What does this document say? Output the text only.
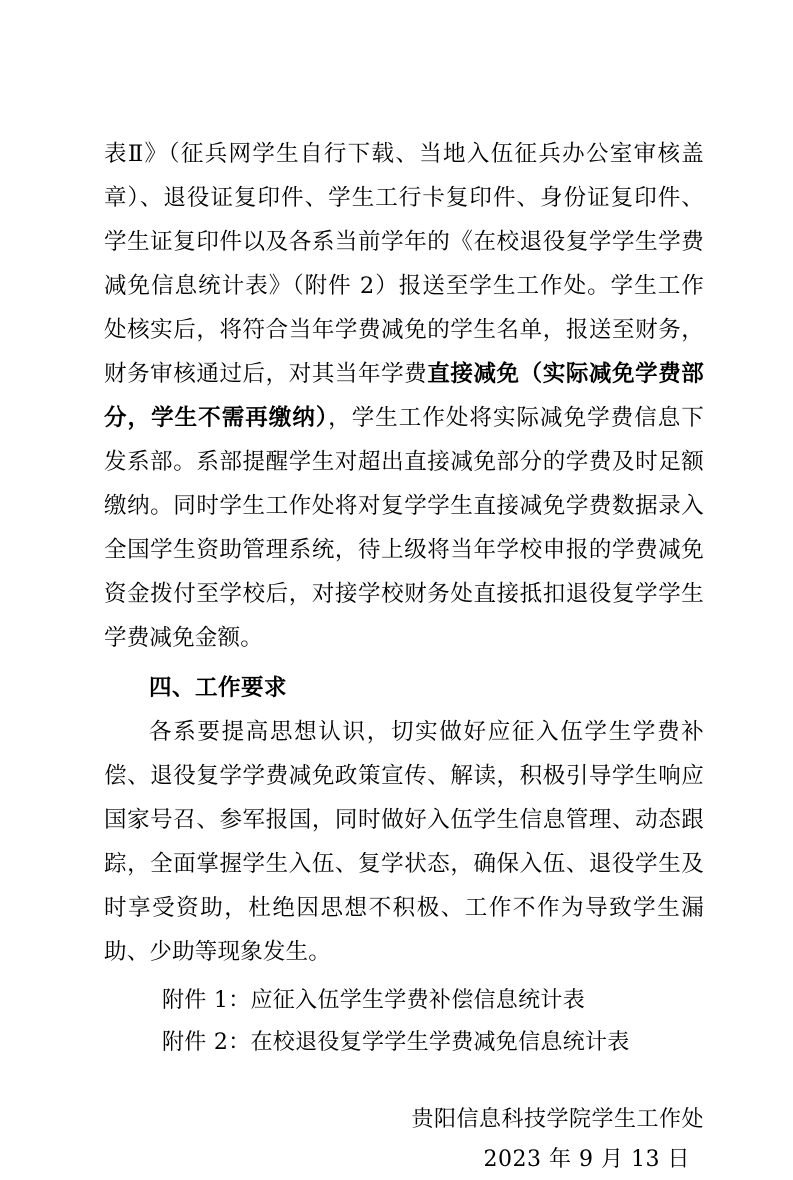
表Ⅱ》（征兵网学生自行下载、当地入伍征兵办公室审核盖章）、退役证复印件、学生工行卡复印件、身份证复印件、学生证复印件以及各系当前学年的《在校退役复学学生学费减免信息统计表》（附件 2）报送至学生工作处。学生工作处核实后，将符合当年学费减免的学生名单，报送至财务，财务审核通过后，对其当年学费直接减免（实际减免学费部分，学生不需再缴纳），学生工作处将实际减免学费信息下发系部。系部提醒学生对超出直接减免部分的学费及时足额缴纳。同时学生工作处将对复学学生直接减免学费数据录入全国学生资助管理系统，待上级将当年学校申报的学费减免资金拨付至学校后，对接学校财务处直接抵扣退役复学学生学费减免金额。

四、工作要求

各系要提高思想认识，切实做好应征入伍学生学费补偿、退役复学学费减免政策宣传、解读，积极引导学生响应国家号召、参军报国，同时做好入伍学生信息管理、动态跟踪，全面掌握学生入伍、复学状态，确保入伍、退役学生及时享受资助，杜绝因思想不积极、工作不作为导致学生漏助、少助等现象发生。

附件 1：应征入伍学生学费补偿信息统计表

附件 2：在校退役复学学生学费减免信息统计表

贵阳信息科技学院学生工作处
2023 年 9 月 13 日
